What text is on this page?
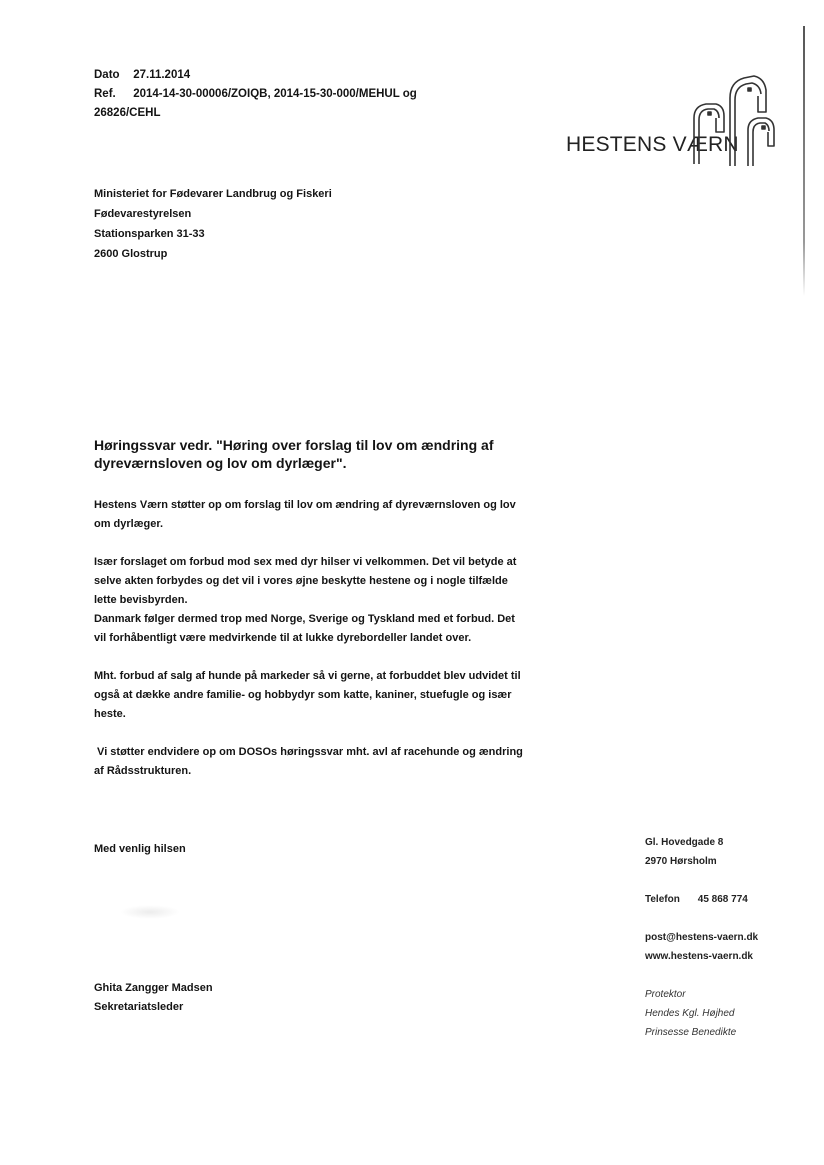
Dato 27.11.2014
Ref. 2014-14-30-00006/ZOIQB, 2014-15-30-000/MEHUL og
26826/CEHL
HESTENS VÆRN
Ministeriet for Fødevarer Landbrug og Fiskeri
Fødevarestyrelsen
Stationsparken 31-33
2600 Glostrup
Høringssvar vedr. "Høring over forslag til lov om ændring af
dyreværnsloven og lov om dyrlæger".
Hestens Værn støtter op om forslag til lov om ændring af dyreværnsloven og lov
om dyrlæger.
Især forslaget om forbud mod sex med dyr hilser vi velkommen. Det vil betyde at
selve akten forbydes og det vil i vores øjne beskytte hestene og i nogle tilfælde
lette bevisbyrden.
Danmark følger dermed trop med Norge, Sverige og Tyskland med et forbud. Det
vil forhåbentligt være medvirkende til at lukke dyrebordeller landet over.
Mht. forbud af salg af hunde på markeder så vi gerne, at forbuddet blev udvidet til
også at dække andre familie- og hobbydyr som katte, kaniner, stuefugle og især
heste.
Vi støtter endvidere op om DOSOs høringssvar mht. avl af racehunde og ændring
af Rådsstrukturen.
Med venlig hilsen
Ghita Zangger Madsen
Sekretariatsleder
Gl. Hovedgade 8
2970 Hørsholm
Telefon 45 868 774
post@hestens-vaern.dk
www.hestens-vaern.dk
Protektor
Hendes Kgl. Højhed
Prinsesse Benedikte
